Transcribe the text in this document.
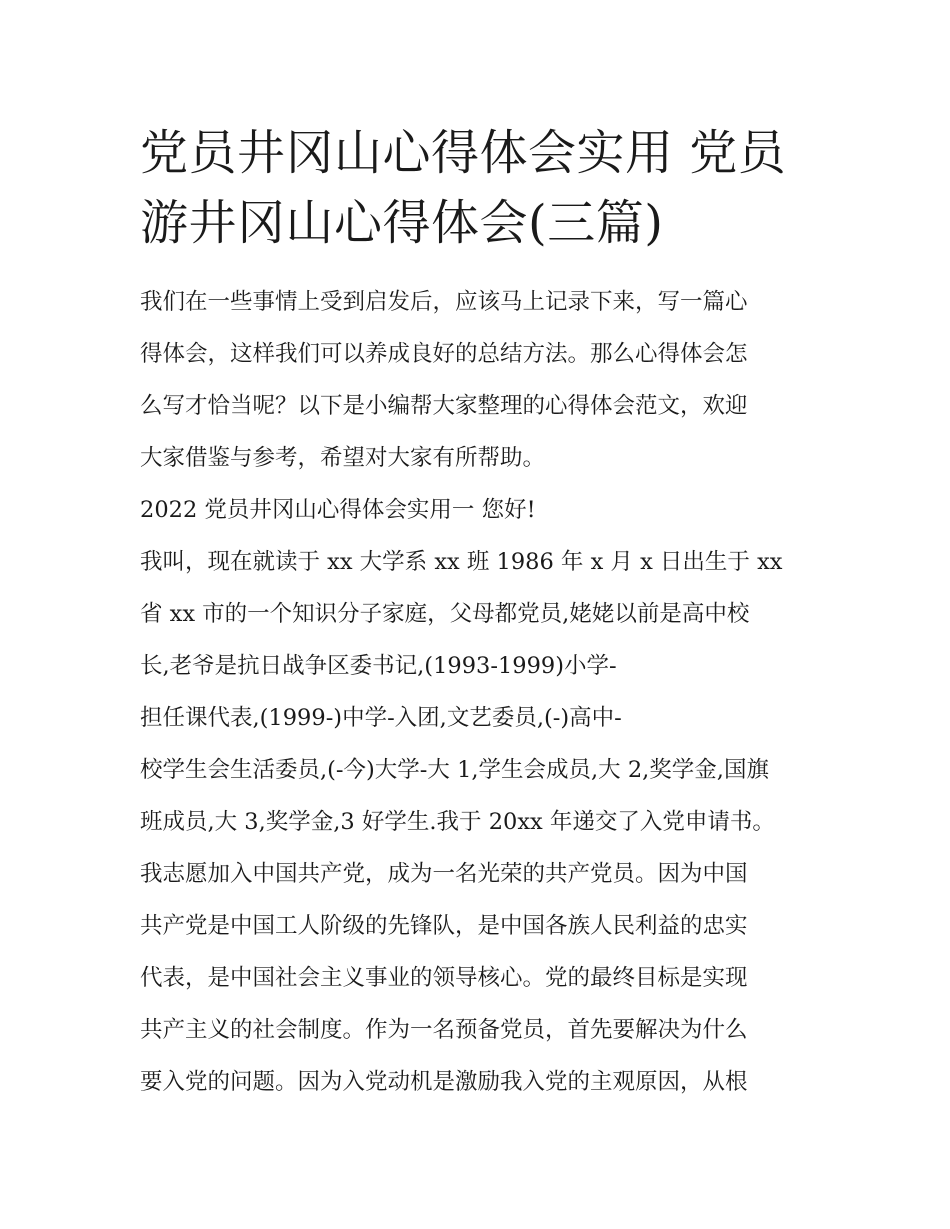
党员井冈山心得体会实用 党员
游井冈山心得体会(三篇)
我们在一些事情上受到启发后，应该马上记录下来，写一篇心
得体会，这样我们可以养成良好的总结方法。那么心得体会怎
么写才恰当呢？以下是小编帮大家整理的心得体会范文，欢迎
大家借鉴与参考，希望对大家有所帮助。
2022 党员井冈山心得体会实用一 您好!
我叫，现在就读于 xx 大学系 xx 班 1986 年 x 月 x 日出生于 xx
省 xx 市的一个知识分子家庭，父母都党员,姥姥以前是高中校
长,老爷是抗日战争区委书记,(1993-1999)小学-
担任课代表,(1999-)中学-入团,文艺委员,(-)高中-
校学生会生活委员,(-今)大学-大 1,学生会成员,大 2,奖学金,国旗
班成员,大 3,奖学金,3 好学生.我于 20xx 年递交了入党申请书。
我志愿加入中国共产党，成为一名光荣的共产党员。因为中国
共产党是中国工人阶级的先锋队，是中国各族人民利益的忠实
代表，是中国社会主义事业的领导核心。党的最终目标是实现
共产主义的社会制度。作为一名预备党员，首先要解决为什么
要入党的问题。因为入党动机是激励我入党的主观原因，从根
